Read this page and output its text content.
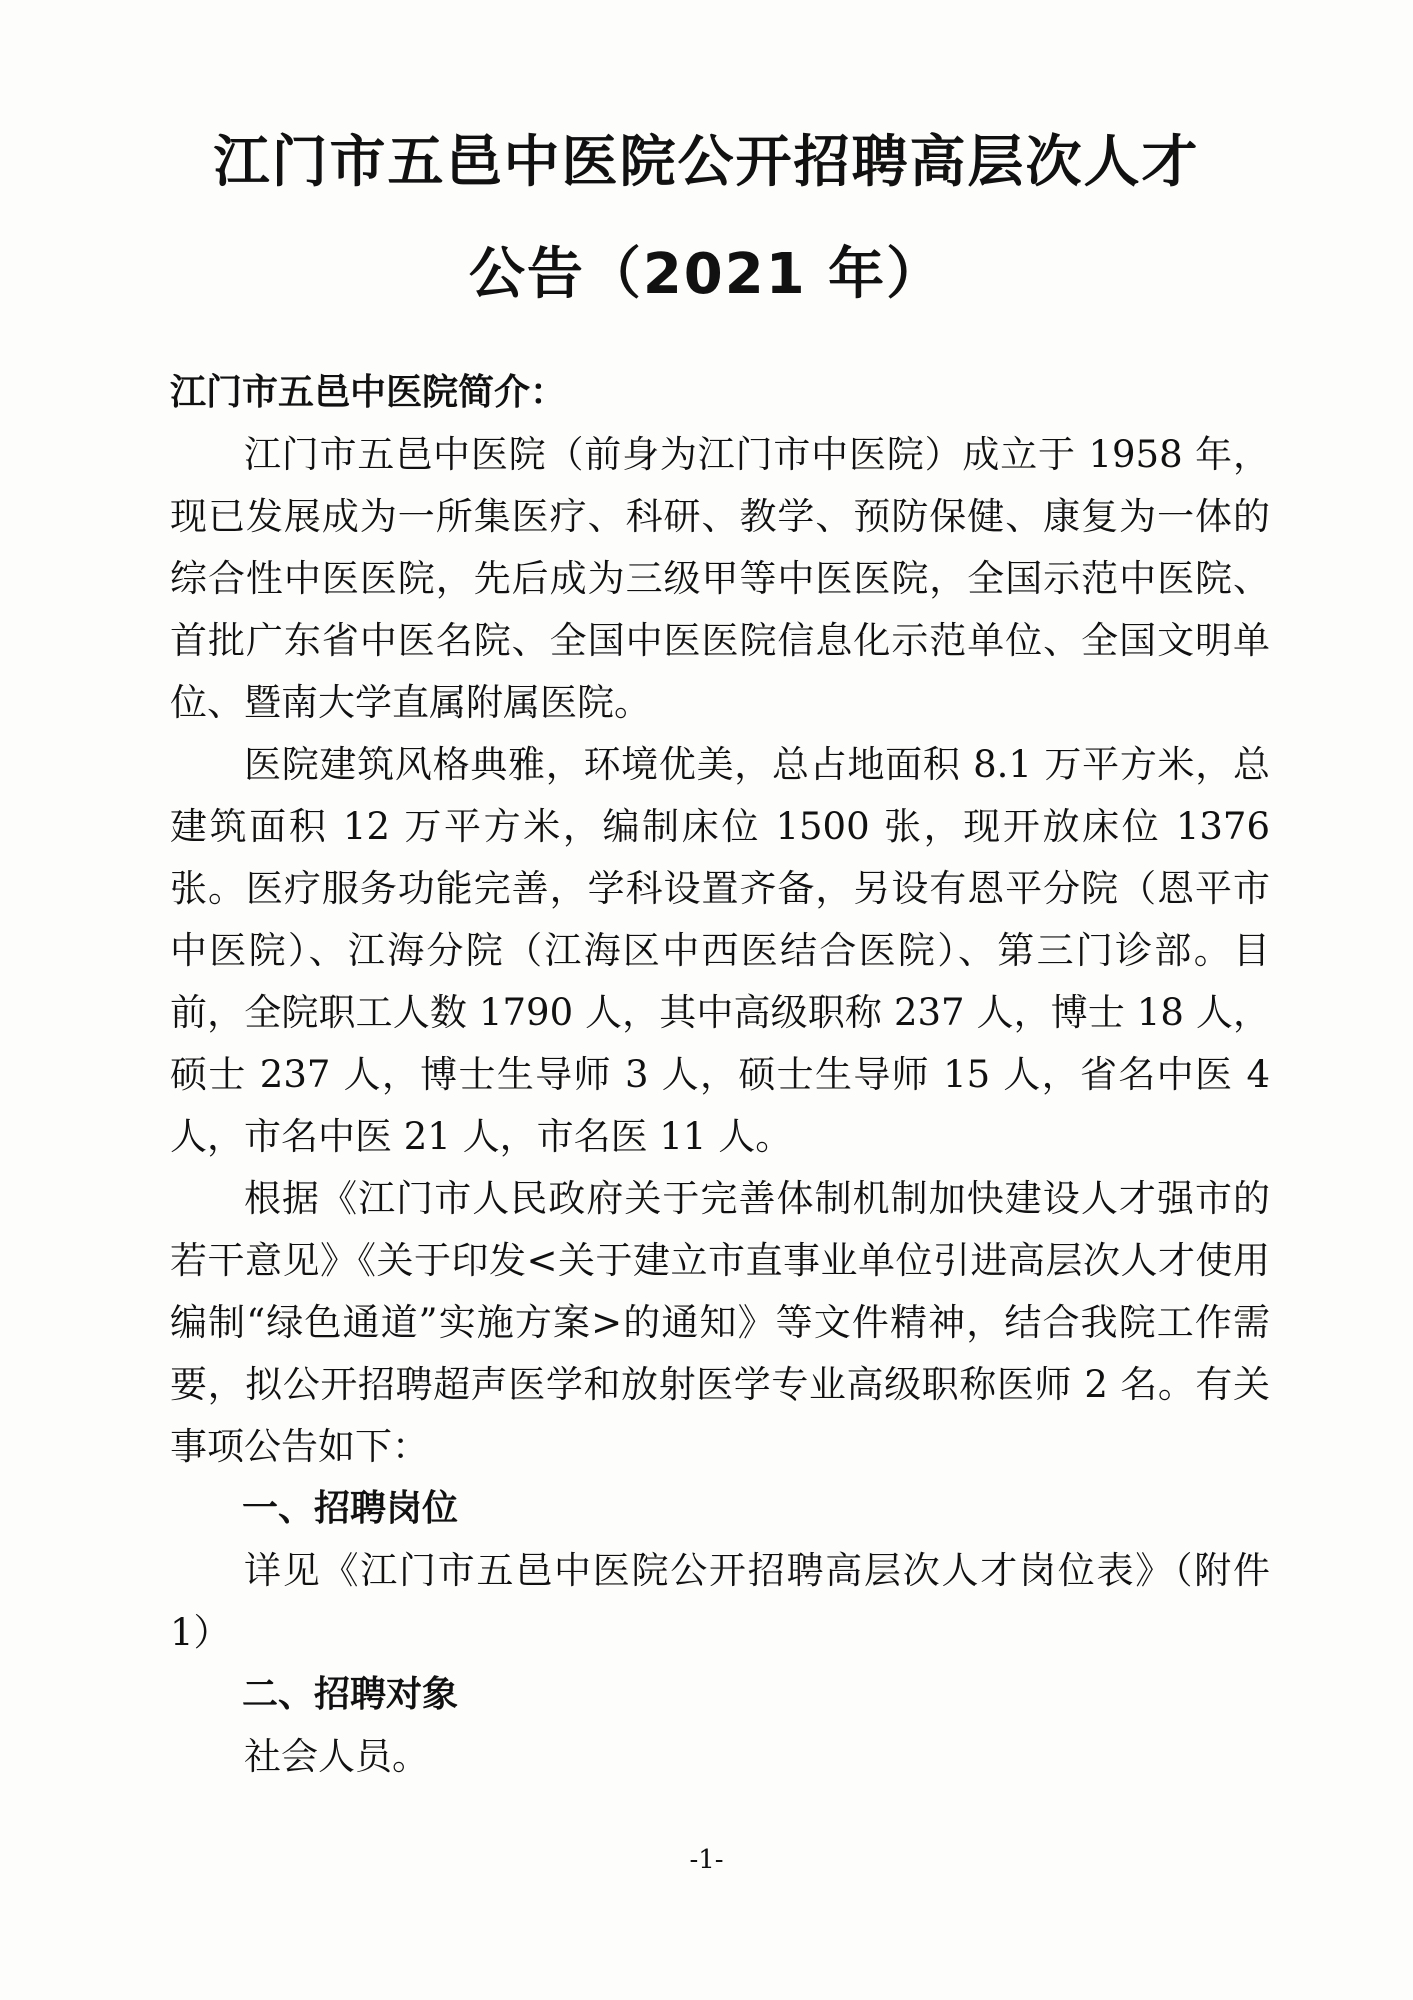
江门市五邑中医院公开招聘高层次人才
公告（2021 年）
江门市五邑中医院简介：

江门市五邑中医院（前身为江门市中医院）成立于 1958 年，现已发展成为一所集医疗、科研、教学、预防保健、康复为一体的综合性中医医院，先后成为三级甲等中医医院，全国示范中医院、首批广东省中医名院、全国中医医院信息化示范单位、全国文明单位、暨南大学直属附属医院。

医院建筑风格典雅，环境优美，总占地面积 8.1 万平方米，总建筑面积 12 万平方米，编制床位 1500 张，现开放床位 1376 张。医疗服务功能完善，学科设置齐备，另设有恩平分院（恩平市中医院）、江海分院（江海区中西医结合医院）、第三门诊部。目前，全院职工人数 1790 人，其中高级职称 237 人，博士 18 人，硕士 237 人，博士生导师 3 人，硕士生导师 15 人，省名中医 4 人，市名中医 21 人，市名医 11 人。

根据《江门市人民政府关于完善体制机制加快建设人才强市的若干意见》《关于印发<关于建立市直事业单位引进高层次人才使用编制“绿色通道”实施方案>的通知》等文件精神，结合我院工作需要，拟公开招聘超声医学和放射医学专业高级职称医师 2 名。有关事项公告如下：

一、招聘岗位

详见《江门市五邑中医院公开招聘高层次人才岗位表》（附件 1）

二、招聘对象

社会人员。

-1-
